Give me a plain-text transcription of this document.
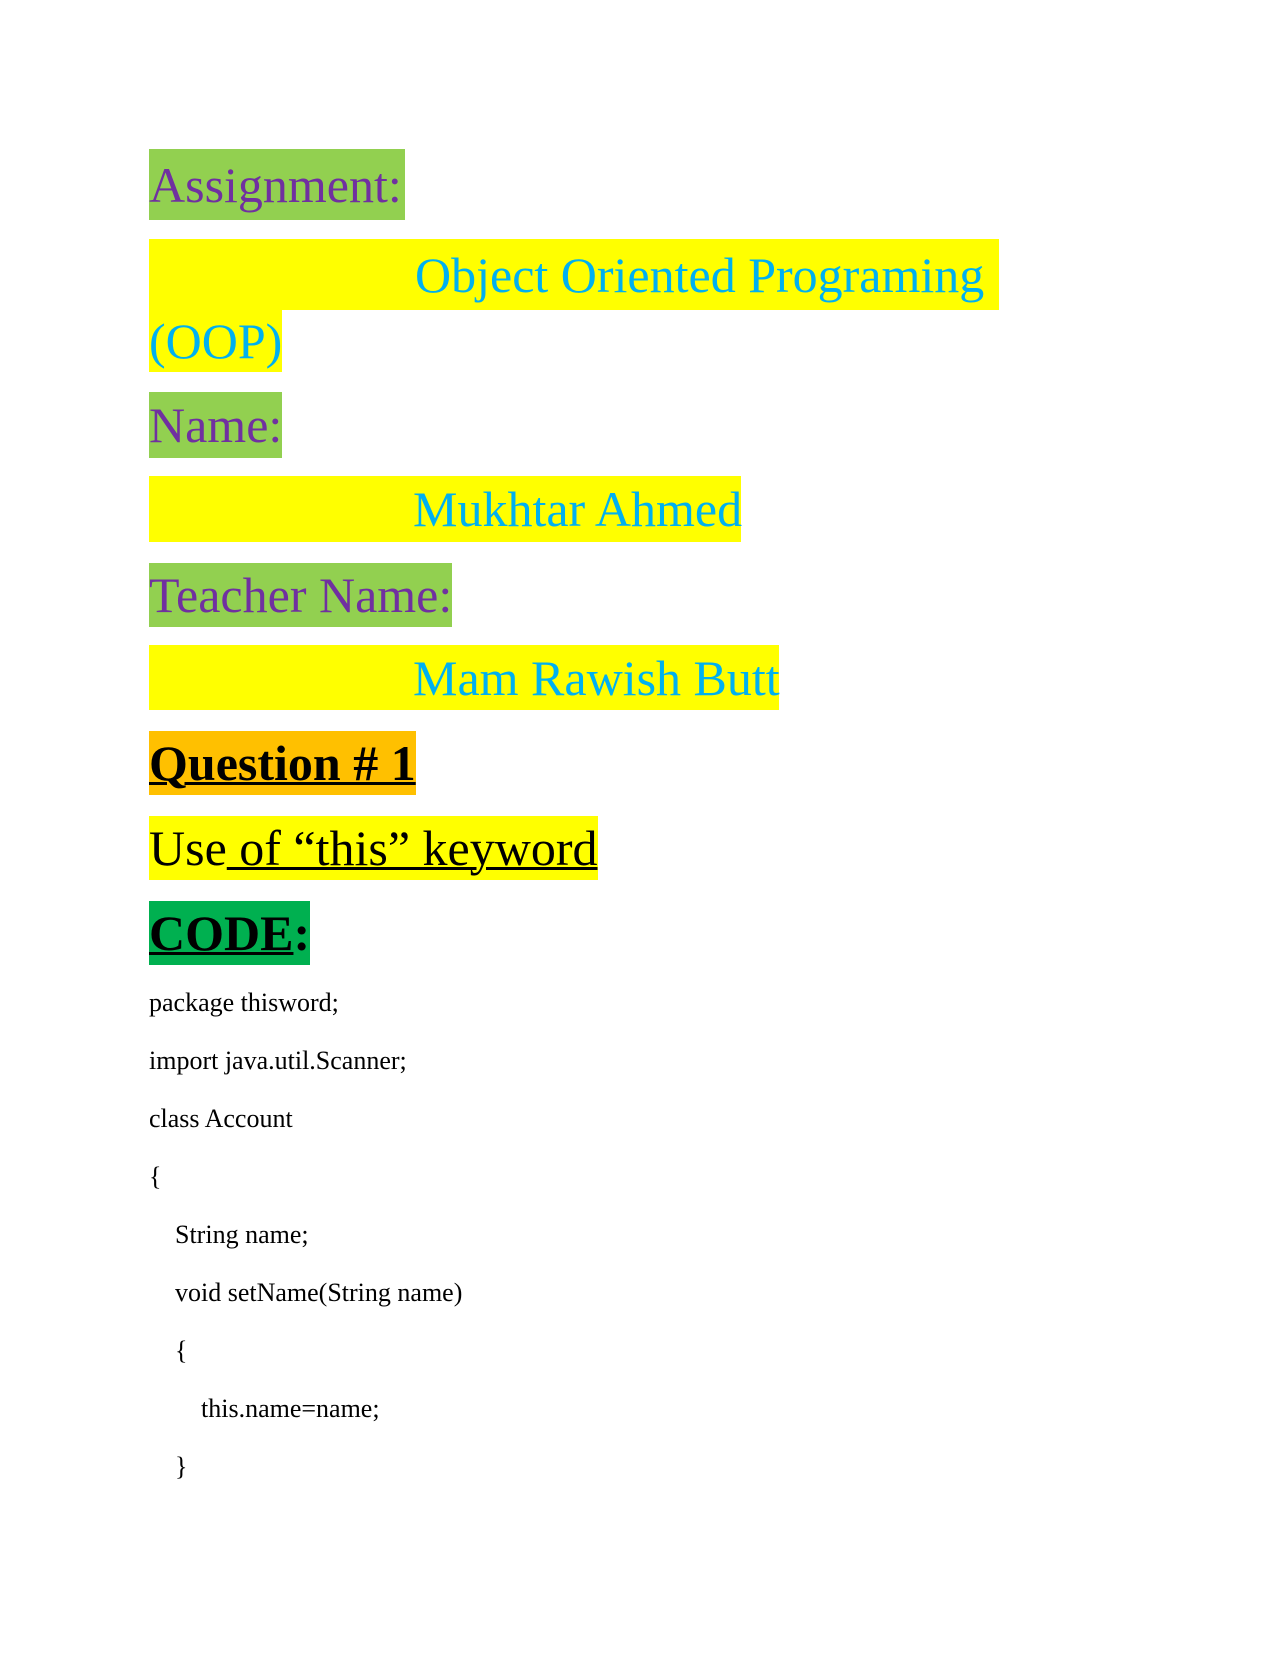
Assignment:
Object Oriented Programing
(OOP)
Name:
Mukhtar Ahmed
Teacher Name:
Mam Rawish Butt
Question # 1
Use of “this” keyword
CODE :
package thisword;
import java.util.Scanner;
class Account
{
String name;
void setName(String name)
{
this.name=name;
}
